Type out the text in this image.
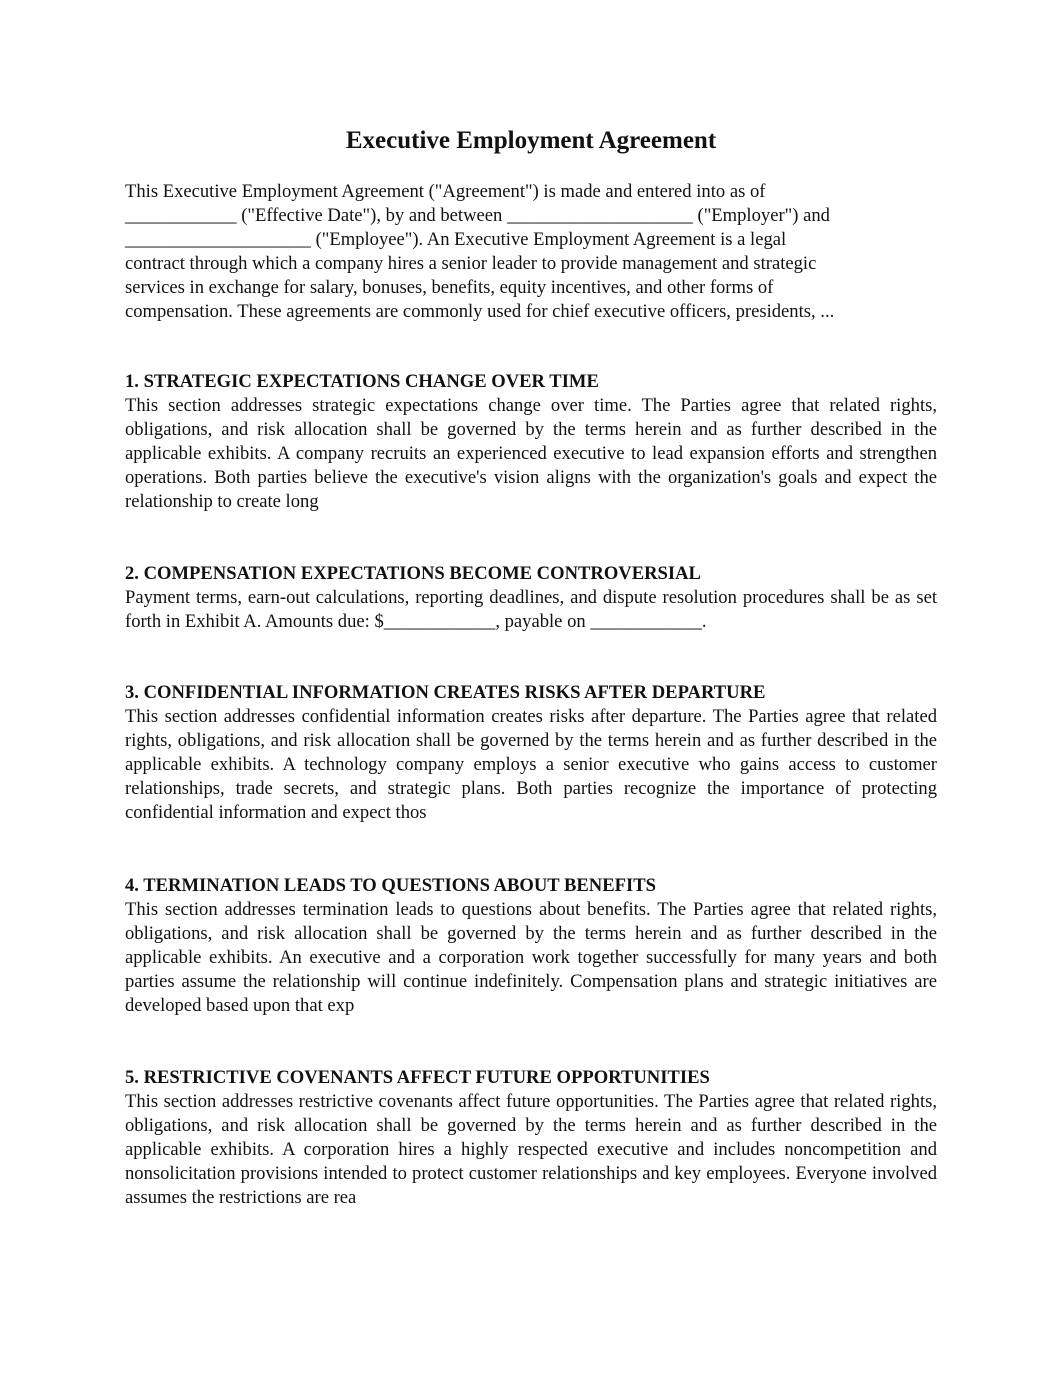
Executive Employment Agreement
This Executive Employment Agreement ("Agreement") is made and entered into as of
____________ ("Effective Date"), by and between ____________________ ("Employer") and
____________________ ("Employee"). An Executive Employment Agreement is a legal
contract through which a company hires a senior leader to provide management and strategic
services in exchange for salary, bonuses, benefits, equity incentives, and other forms of
compensation. These agreements are commonly used for chief executive officers, presidents, ...

1. STRATEGIC EXPECTATIONS CHANGE OVER TIME

This section addresses strategic expectations change over time. The Parties agree that related rights, obligations, and risk allocation shall be governed by the terms herein and as further described in the applicable exhibits. A company recruits an experienced executive to lead expansion efforts and strengthen operations. Both parties believe the executive's vision aligns with the organization's goals and expect the relationship to create long

2. COMPENSATION EXPECTATIONS BECOME CONTROVERSIAL

Payment terms, earn-out calculations, reporting deadlines, and dispute resolution procedures shall be as set forth in Exhibit A. Amounts due: $____________, payable on ____________.

3. CONFIDENTIAL INFORMATION CREATES RISKS AFTER DEPARTURE

This section addresses confidential information creates risks after departure. The Parties agree that related rights, obligations, and risk allocation shall be governed by the terms herein and as further described in the applicable exhibits. A technology company employs a senior executive who gains access to customer relationships, trade secrets, and strategic plans. Both parties recognize the importance of protecting confidential information and expect thos

4. TERMINATION LEADS TO QUESTIONS ABOUT BENEFITS

This section addresses termination leads to questions about benefits. The Parties agree that related rights, obligations, and risk allocation shall be governed by the terms herein and as further described in the applicable exhibits. An executive and a corporation work together successfully for many years and both parties assume the relationship will continue indefinitely. Compensation plans and strategic initiatives are developed based upon that exp

5. RESTRICTIVE COVENANTS AFFECT FUTURE OPPORTUNITIES

This section addresses restrictive covenants affect future opportunities. The Parties agree that related rights, obligations, and risk allocation shall be governed by the terms herein and as further described in the applicable exhibits. A corporation hires a highly respected executive and includes noncompetition and nonsolicitation provisions intended to protect customer relationships and key employees. Everyone involved assumes the restrictions are rea
